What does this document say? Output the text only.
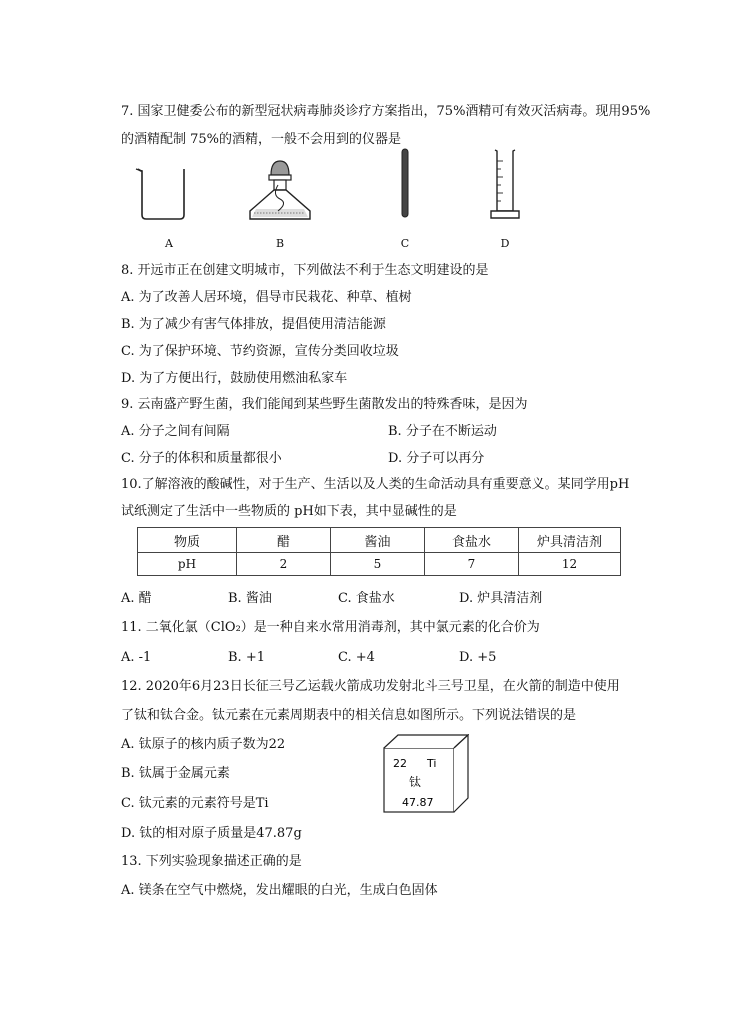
7. 国家卫健委公布的新型冠状病毒肺炎诊疗方案指出，75%酒精可有效灭活病毒。现用95%
的酒精配制 75%的酒精，一般不会用到的仪器是
A	B	C	D
8. 开远市正在创建文明城市，下列做法不利于生态文明建设的是
A. 为了改善人居环境，倡导市民栽花、种草、植树
B. 为了减少有害气体排放，提倡使用清洁能源
C. 为了保护环境、节约资源，宣传分类回收垃圾
D. 为了方便出行，鼓励使用燃油私家车
9. 云南盛产野生菌，我们能闻到某些野生菌散发出的特殊香味，是因为
A. 分子之间有间隔	B. 分子在不断运动
C. 分子的体积和质量都很小	D. 分子可以再分
10.了解溶液的酸碱性，对于生产、生活以及人类的生命活动具有重要意义。某同学用pH
试纸测定了生活中一些物质的 pH如下表，其中显碱性的是
物质	醋	酱油	食盐水	炉具清洁剂
pH	2	5	7	12
A. 醋	B. 酱油	C. 食盐水	D. 炉具清洁剂
11. 二氧化氯（ClO₂）是一种自来水常用消毒剂，其中氯元素的化合价为
A. -1	B. +1	C. +4	D. +5
12. 2020年6月23日长征三号乙运载火箭成功发射北斗三号卫星，在火箭的制造中使用
了钛和钛合金。钛元素在元素周期表中的相关信息如图所示。下列说法错误的是
A. 钛原子的核内质子数为22
B. 钛属于金属元素
C. 钛元素的元素符号是Ti
D. 钛的相对原子质量是47.87g
22 Ti
钛
47.87
13. 下列实验现象描述正确的是
A. 镁条在空气中燃烧，发出耀眼的白光，生成白色固体
